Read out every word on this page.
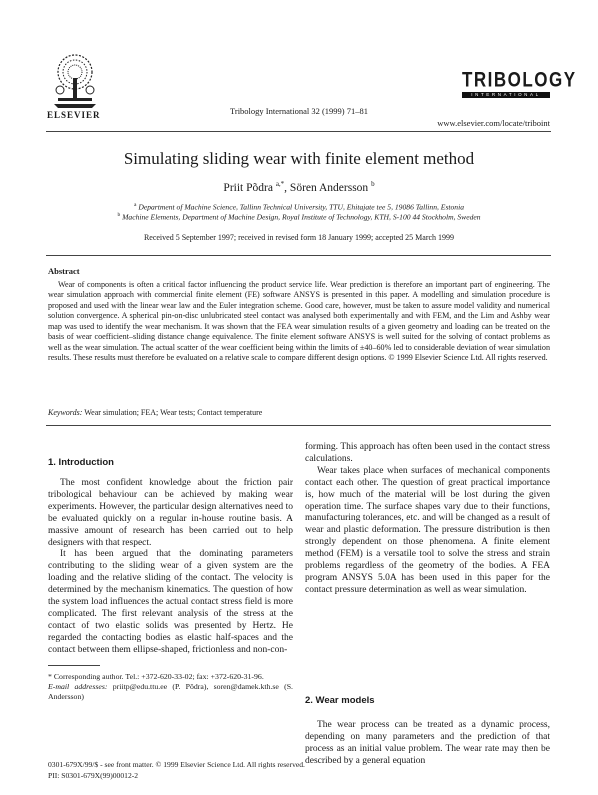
ELSEVIER	Tribology International 32 (1999) 71–81
TRIBOLOGY
INTERNATIONAL
www.elsevier.com/locate/triboint
Simulating sliding wear with finite element method
Priit Põdra $^{a,*}$, Sören Andersson $^b$
$^a$ Department of Machine Science, Tallinn Technical University, TTU, Ehitajate tee 5, 19086 Tallinn, Estonia
$^b$ Machine Elements, Department of Machine Design, Royal Institute of Technology, KTH, S-100 44 Stockholm, Sweden
Received 5 September 1997; received in revised form 18 January 1999; accepted 25 March 1999
Abstract
Wear of components is often a critical factor influencing the product service life. Wear prediction is therefore an important part of engineering. The wear simulation approach with commercial finite element (FE) software ANSYS is presented in this paper. A modelling and simulation procedure is proposed and used with the linear wear law and the Euler integration scheme. Good care, however, must be taken to assure model validity and numerical solution convergence. A spherical pin-on-disc unlubricated steel contact was analysed both experimentally and with FEM, and the Lim and Ashby wear map was used to identify the wear mechanism. It was shown that the FEA wear simulation results of a given geometry and loading can be treated on the basis of wear coefficient–sliding distance change equivalence. The finite element software ANSYS is well suited for the solving of contact problems as well as the wear simulation. The actual scatter of the wear coefficient being within the limits of ±40–60% led to considerable deviation of wear simulation results. These results must therefore be evaluated on a relative scale to compare different design options. © 1999 Elsevier Science Ltd. All rights reserved.
Keywords: Wear simulation; FEA; Wear tests; Contact temperature
1. Introduction

The most confident knowledge about the friction pair tribological behaviour can be achieved by making wear experiments. However, the particular design alternatives need to be evaluated quickly on a regular in-house routine basis. A massive amount of research has been carried out to help designers with that respect.

It has been argued that the dominating parameters contributing to the sliding wear of a given system are the loading and the relative sliding of the contact. The velocity is determined by the mechanism kinematics. The question of how the system load influences the actual contact stress field is more complicated. The first relevant analysis of the stress at the contact of two elastic solids was presented by Hertz. He regarded the contacting bodies as elastic half-spaces and the contact between them ellipse-shaped, frictionless and non-con-

forming. This approach has often been used in the contact stress calculations.

Wear takes place when surfaces of mechanical components contact each other. The question of great practical importance is, how much of the material will be lost during the given operation time. The surface shapes vary due to their functions, manufacturing tolerances, etc. and will be changed as a result of wear and plastic deformation. The pressure distribution is then strongly dependent on those phenomena. A finite element method (FEM) is a versatile tool to solve the stress and strain problems regardless of the geometry of the bodies. A FEA program ANSYS 5.0A has been used in this paper for the contact pressure determination as well as wear simulation.

2. Wear models

The wear process can be treated as a dynamic process, depending on many parameters and the prediction of that process as an initial value problem. The wear rate may then be described by a general equation

* Corresponding author. Tel.: +372-620-33-02; fax: +372-620-31-96.
E-mail addresses: priitp@edu.ttu.ee (P. Põdra), soren@damek.kth.se (S. Andersson)
0301-679X/99/$ - see front matter. © 1999 Elsevier Science Ltd. All rights reserved.
PII: S0301-679X(99)00012-2
